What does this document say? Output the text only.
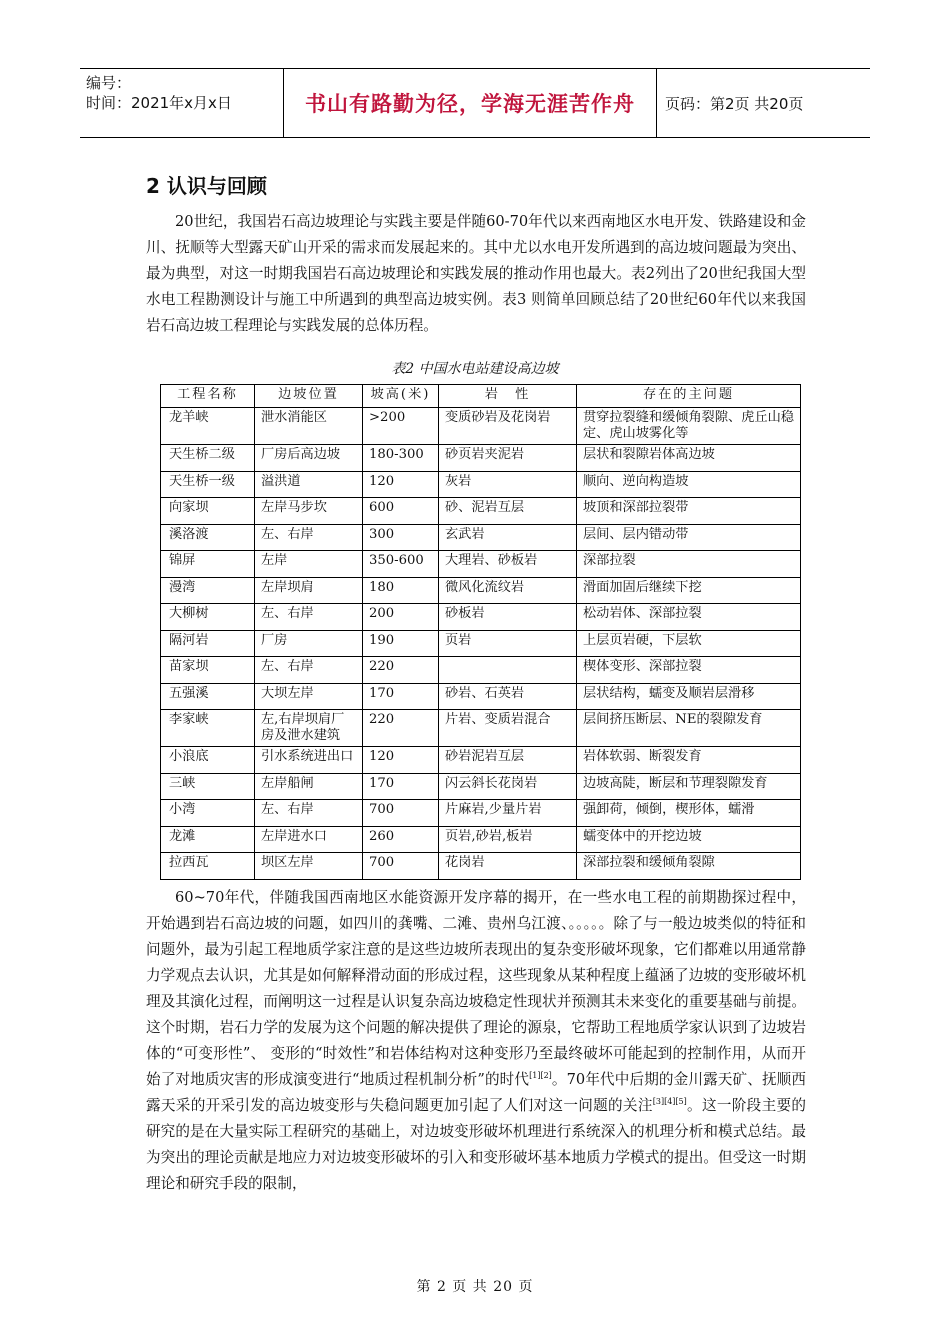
编号：
时间：2021年x月x日	书山有路勤为径，学海无涯苦作舟	页码：第2页 共20页
2 认识与回顾

20世纪，我国岩石高边坡理论与实践主要是伴随60-70年代以来西南地区水电开发、铁路建设和金川、抚顺等大型露天矿山开采的需求而发展起来的。其中尤以水电开发所遇到的高边坡问题最为突出、最为典型，对这一时期我国岩石高边坡理论和实践发展的推动作用也最大。表2列出了20世纪我国大型水电工程勘测设计与施工中所遇到的典型高边坡实例。表3 则简单回顾总结了20世纪60年代以来我国岩石高边坡工程理论与实践发展的总体历程。

表2 中国水电站建设高边坡
工程名称	边坡位置	坡高(米)	岩　性	存在的主问题
龙羊峡	泄水消能区	>200	变质砂岩及花岗岩	贯穿拉裂缝和缓倾角裂隙、虎丘山稳定、虎山坡雾化等
天生桥二级	厂房后高边坡	180-300	砂页岩夹泥岩	层状和裂隙岩体高边坡
天生桥一级	溢洪道	120	灰岩	顺向、逆向构造坡
向家坝	左岸马步坎	600	砂、泥岩互层	坡顶和深部拉裂带
溪洛渡	左、右岸	300	玄武岩	层间、层内错动带
锦屏	左岸	350-600	大理岩、砂板岩	深部拉裂
漫湾	左岸坝肩	180	微风化流纹岩	滑面加固后继续下挖
大柳树	左、右岸	200	砂板岩	松动岩体、深部拉裂
隔河岩	厂房	190	页岩	上层页岩硬，下层软
苗家坝	左、右岸	220		楔体变形、深部拉裂
五强溪	大坝左岸	170	砂岩、石英岩	层状结构，蠕变及顺岩层滑移
李家峡	左,右岸坝肩厂房及泄水建筑	220	片岩、变质岩混合	层间挤压断层、NE的裂隙发育
小浪底	引水系统进出口	120	砂岩泥岩互层	岩体软弱、断裂发育
三峡	左岸船闸	170	闪云斜长花岗岩	边坡高陡，断层和节理裂隙发育
小湾	左、右岸	700	片麻岩,少量片岩	强卸荷，倾倒，楔形体，蠕滑
龙滩	左岸进水口	260	页岩,砂岩,板岩	蠕变体中的开挖边坡
拉西瓦	坝区左岸	700	花岗岩	深部拉裂和缓倾角裂隙

60~70年代，伴随我国西南地区水能资源开发序幕的揭开，在一些水电工程的前期勘探过程中，开始遇到岩石高边坡的问题，如四川的龚嘴、二滩、贵州乌江渡、。。。。。除了与一般边坡类似的特征和问题外，最为引起工程地质学家注意的是这些边坡所表现出的复杂变形破坏现象，它们都难以用通常静力学观点去认识，尤其是如何解释滑动面的形成过程，这些现象从某种程度上蕴涵了边坡的变形破坏机理及其演化过程，而阐明这一过程是认识复杂高边坡稳定性现状并预测其未来变化的重要基础与前提。这个时期，岩石力学的发展为这个问题的解决提供了理论的源泉，它帮助工程地质学家认识到了边坡岩体的“可变形性”、 变形的“时效性”和岩体结构对这种变形乃至最终破坏可能起到的控制作用，从而开始了对地质灾害的形成演变进行“地质过程机制分析”的时代[1][2]。70年代中后期的金川露天矿、抚顺西露天采的开采引发的高边坡变形与失稳问题更加引起了人们对这一问题的关注[3][4][5]。这一阶段主要的研究的是在大量实际工程研究的基础上，对边坡变形破坏机理进行系统深入的机理分析和模式总结。最为突出的理论贡献是地应力对边坡变形破坏的引入和变形破坏基本地质力学模式的提出。但受这一时期理论和研究手段的限制，

第 2 页 共 20 页
